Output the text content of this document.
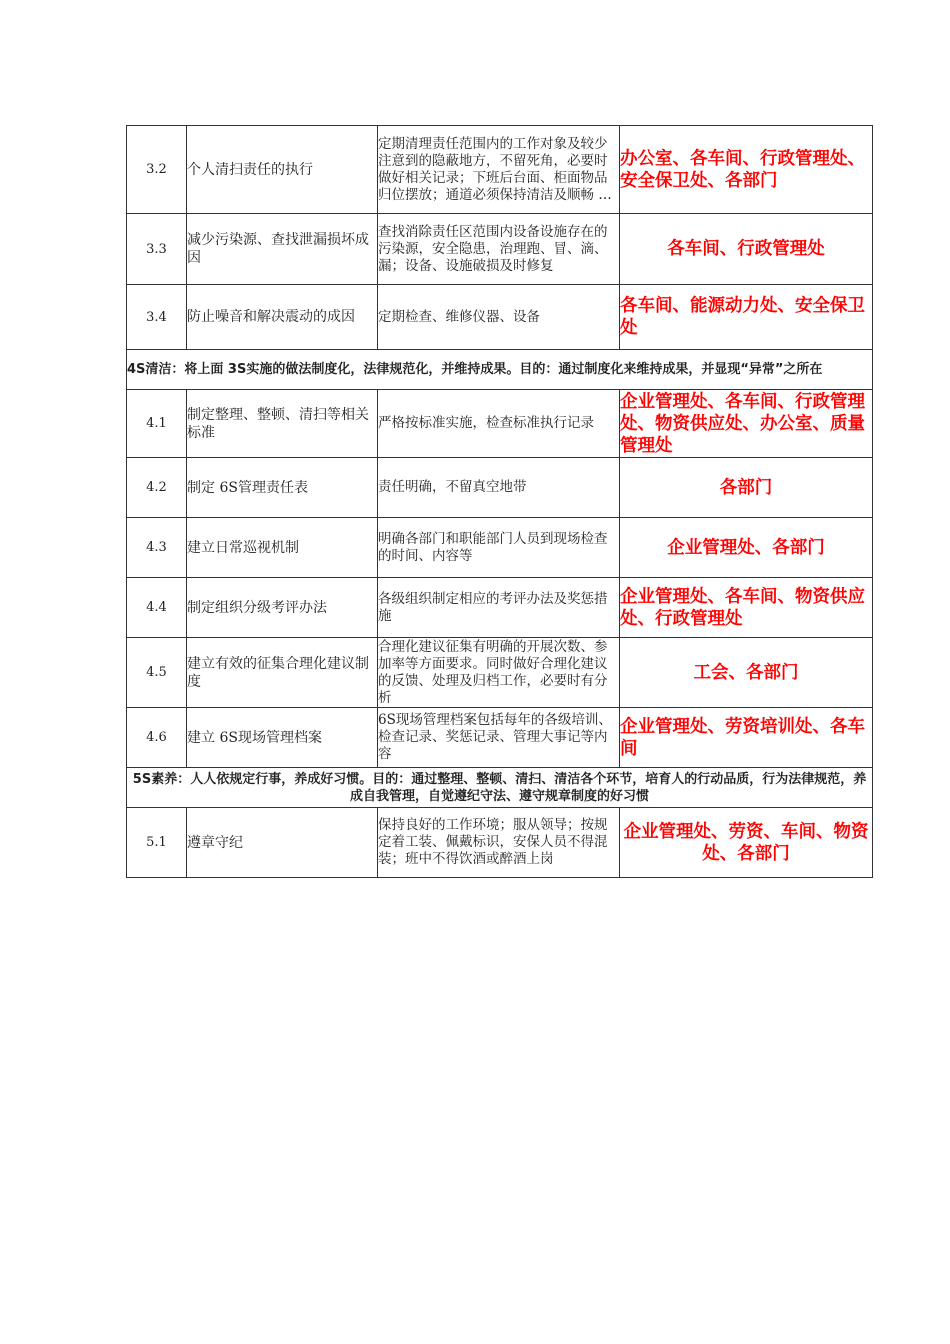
3.2	个人清扫责任的执行	定期清理责任范围内的工作对象及较少注意到的隐蔽地方，不留死角，必要时做好相关记录；下班后台面、柜面物品归位摆放；通道必须保持清洁及顺畅 …	办公室、各车间、行政管理处、安全保卫处、各部门
3.3	减少污染源、查找泄漏损坏成因	查找消除责任区范围内设备设施存在的污染源，安全隐患，治理跑、冒、滴、漏；设备、设施破损及时修复	各车间、行政管理处
3.4	防止噪音和解决震动的成因	定期检查、维修仪器、设备	各车间、能源动力处、安全保卫处
4S清洁：将上面 3S实施的做法制度化，法律规范化，并维持成果。目的：通过制度化来维持成果，并显现“异常”之所在			
4.1	制定整理、整顿、清扫等相关标准	严格按标准实施，检查标准执行记录	企业管理处、各车间、行政管理处、物资供应处、办公室、质量管理处
4.2	制定 6S管理责任表	责任明确，不留真空地带	各部门
4.3	建立日常巡视机制	明确各部门和职能部门人员到现场检查的时间、内容等	企业管理处、各部门
4.4	制定组织分级考评办法	各级组织制定相应的考评办法及奖惩措施	企业管理处、各车间、物资供应处、行政管理处
4.5	建立有效的征集合理化建议制度	合理化建议征集有明确的开展次数、参加率等方面要求。同时做好合理化建议的反馈、处理及归档工作，必要时有分析	工会、各部门
4.6	建立 6S现场管理档案	6S现场管理档案包括每年的各级培训、检查记录、奖惩记录、管理大事记等内容	企业管理处、劳资培训处、各车间
5S素养：人人依规定行事，养成好习惯。目的：通过整理、整顿、清扫、清洁各个环节，培育人的行动品质，行为法律规范，养成自我管理，自觉遵纪守法、遵守规章制度的好习惯			
5.1	遵章守纪	保持良好的工作环境；服从领导；按规定着工装、佩戴标识，安保人员不得混装；班中不得饮酒或醉酒上岗	企业管理处、劳资、车间、物资处、各部门
